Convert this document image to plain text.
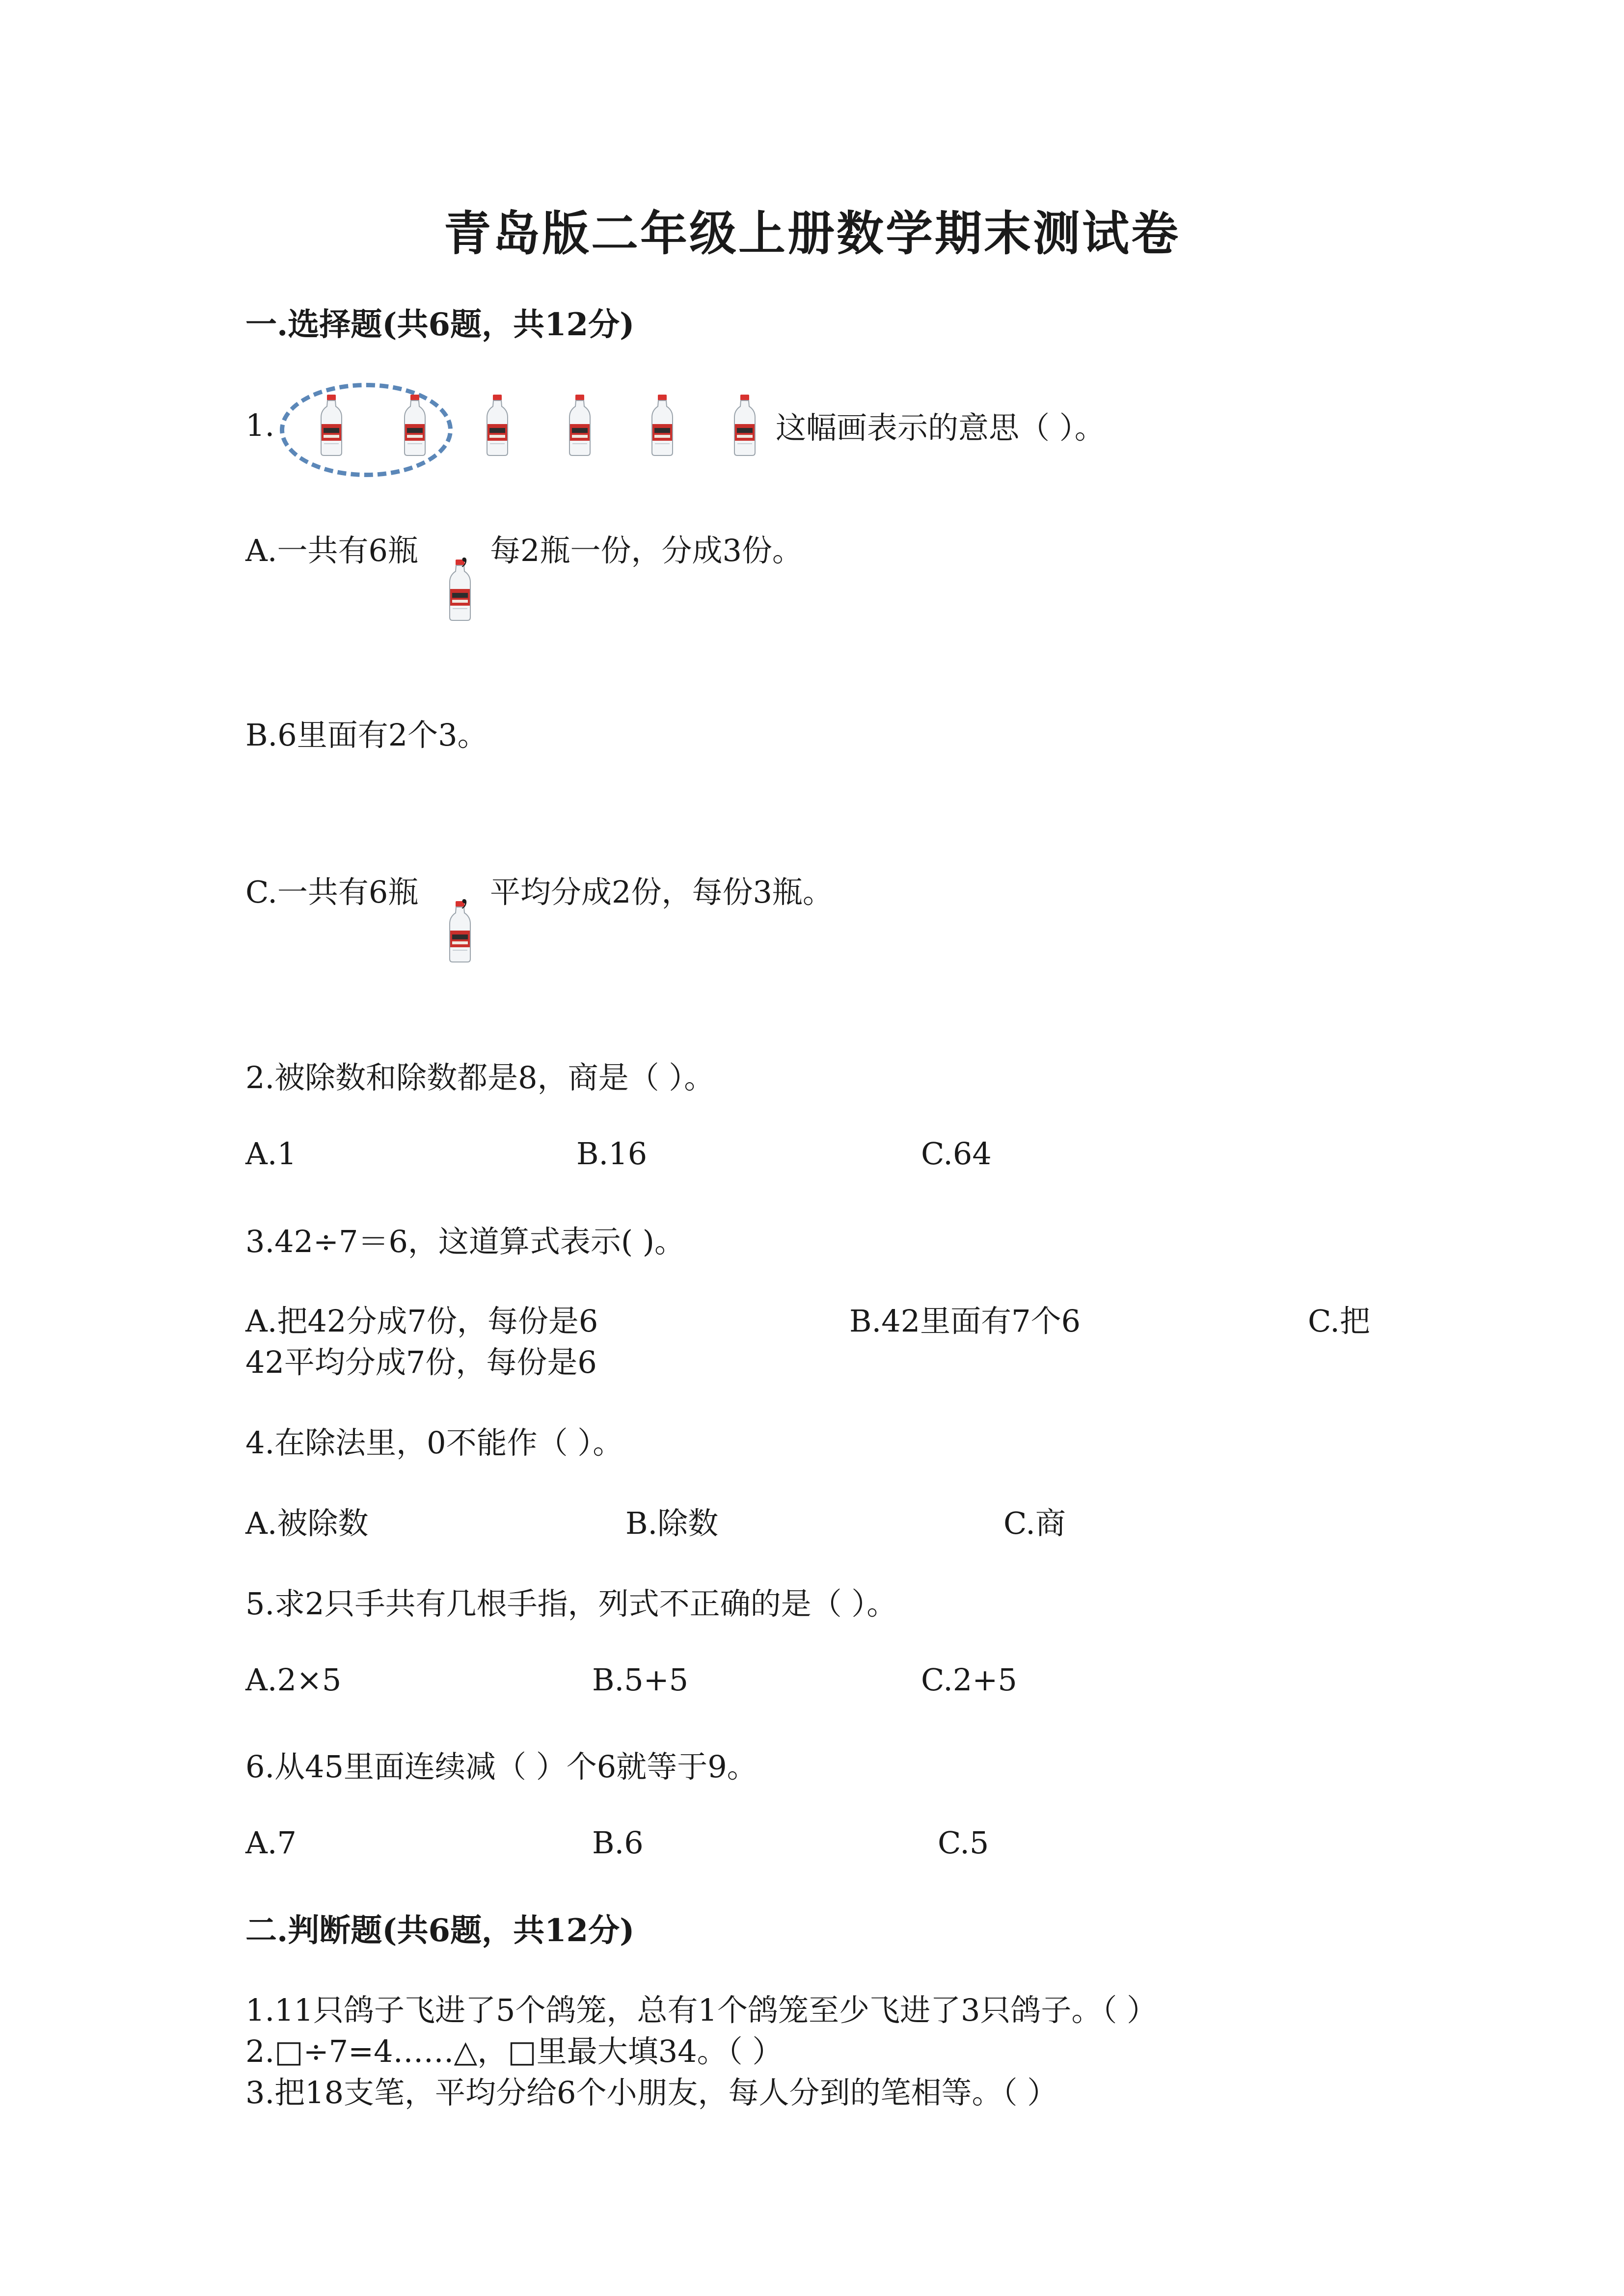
青岛版二年级上册数学期末测试卷
一.选择题(共6题，共12分)
1.	这幅画表示的意思（ ）。
A.一共有6瓶 ，每2瓶一份，分成3份。
B.6里面有2个3。
C.一共有6瓶 ，平均分成2份，每份3瓶。
2.被除数和除数都是8，商是（ ）。
A.1	B.16	C.64
3.42÷7＝6，这道算式表示( )。
A.把42分成7份，每份是6	B.42里面有7个6	C.把
42平均分成7份，每份是6
4.在除法里，0不能作（ ）。
A.被除数	B.除数	C.商
5.求2只手共有几根手指，列式不正确的是（ ）。
A.2×5	B.5+5	C.2+5
6.从45里面连续减（ ）个6就等于9。
A.7	B.6	C.5
二.判断题(共6题，共12分)
1.11只鸽子飞进了5个鸽笼，总有1个鸽笼至少飞进了3只鸽子。（ ）
2.□÷7=4……△，□里最大填34。（ ）
3.把18支笔，平均分给6个小朋友，每人分到的笔相等。（ ）
